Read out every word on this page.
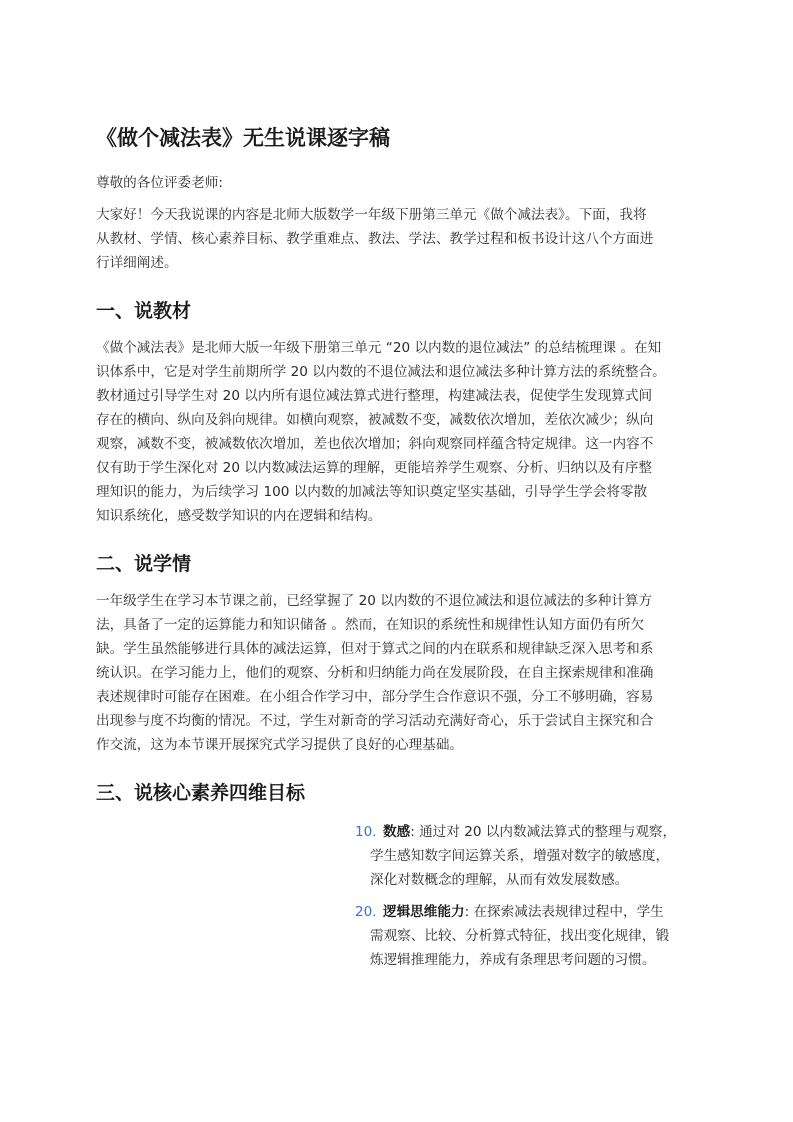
《做个减法表》无生说课逐字稿
尊敬的各位评委老师:
大家好！今天我说课的内容是北师大版数学一年级下册第三单元《做个减法表》。下面，我将
从教材、学情、核心素养目标、教学重难点、教法、学法、教学过程和板书设计这八个方面进
行详细阐述。
一、说教材
《做个减法表》是北师大版一年级下册第三单元 “20 以内数的退位减法” 的总结梳理课 。在知
识体系中，它是对学生前期所学 20 以内数的不退位减法和退位减法多种计算方法的系统整合。
教材通过引导学生对 20 以内所有退位减法算式进行整理，构建减法表，促使学生发现算式间
存在的横向、纵向及斜向规律。如横向观察，被减数不变，减数依次增加，差依次减少；纵向
观察，减数不变，被减数依次增加，差也依次增加；斜向观察同样蕴含特定规律。这一内容不
仅有助于学生深化对 20 以内数减法运算的理解，更能培养学生观察、分析、归纳以及有序整
理知识的能力，为后续学习 100 以内数的加减法等知识奠定坚实基础，引导学生学会将零散
知识系统化，感受数学知识的内在逻辑和结构。
二、说学情
一年级学生在学习本节课之前，已经掌握了 20 以内数的不退位减法和退位减法的多种计算方
法，具备了一定的运算能力和知识储备 。然而，在知识的系统性和规律性认知方面仍有所欠
缺。学生虽然能够进行具体的减法运算，但对于算式之间的内在联系和规律缺乏深入思考和系
统认识。在学习能力上，他们的观察、分析和归纳能力尚在发展阶段，在自主探索规律和准确
表述规律时可能存在困难。在小组合作学习中，部分学生合作意识不强，分工不够明确，容易
出现参与度不均衡的情况。不过，学生对新奇的学习活动充满好奇心，乐于尝试自主探究和合
作交流，这为本节课开展探究式学习提供了良好的心理基础。
三、说核心素养四维目标
10. 数感: 通过对 20 以内数减法算式的整理与观察，
学生感知数字间运算关系，增强对数字的敏感度，
深化对数概念的理解，从而有效发展数感。
20. 逻辑思维能力: 在探索减法表规律过程中，学生
需观察、比较、分析算式特征，找出变化规律，锻
炼逻辑推理能力，养成有条理思考问题的习惯。
